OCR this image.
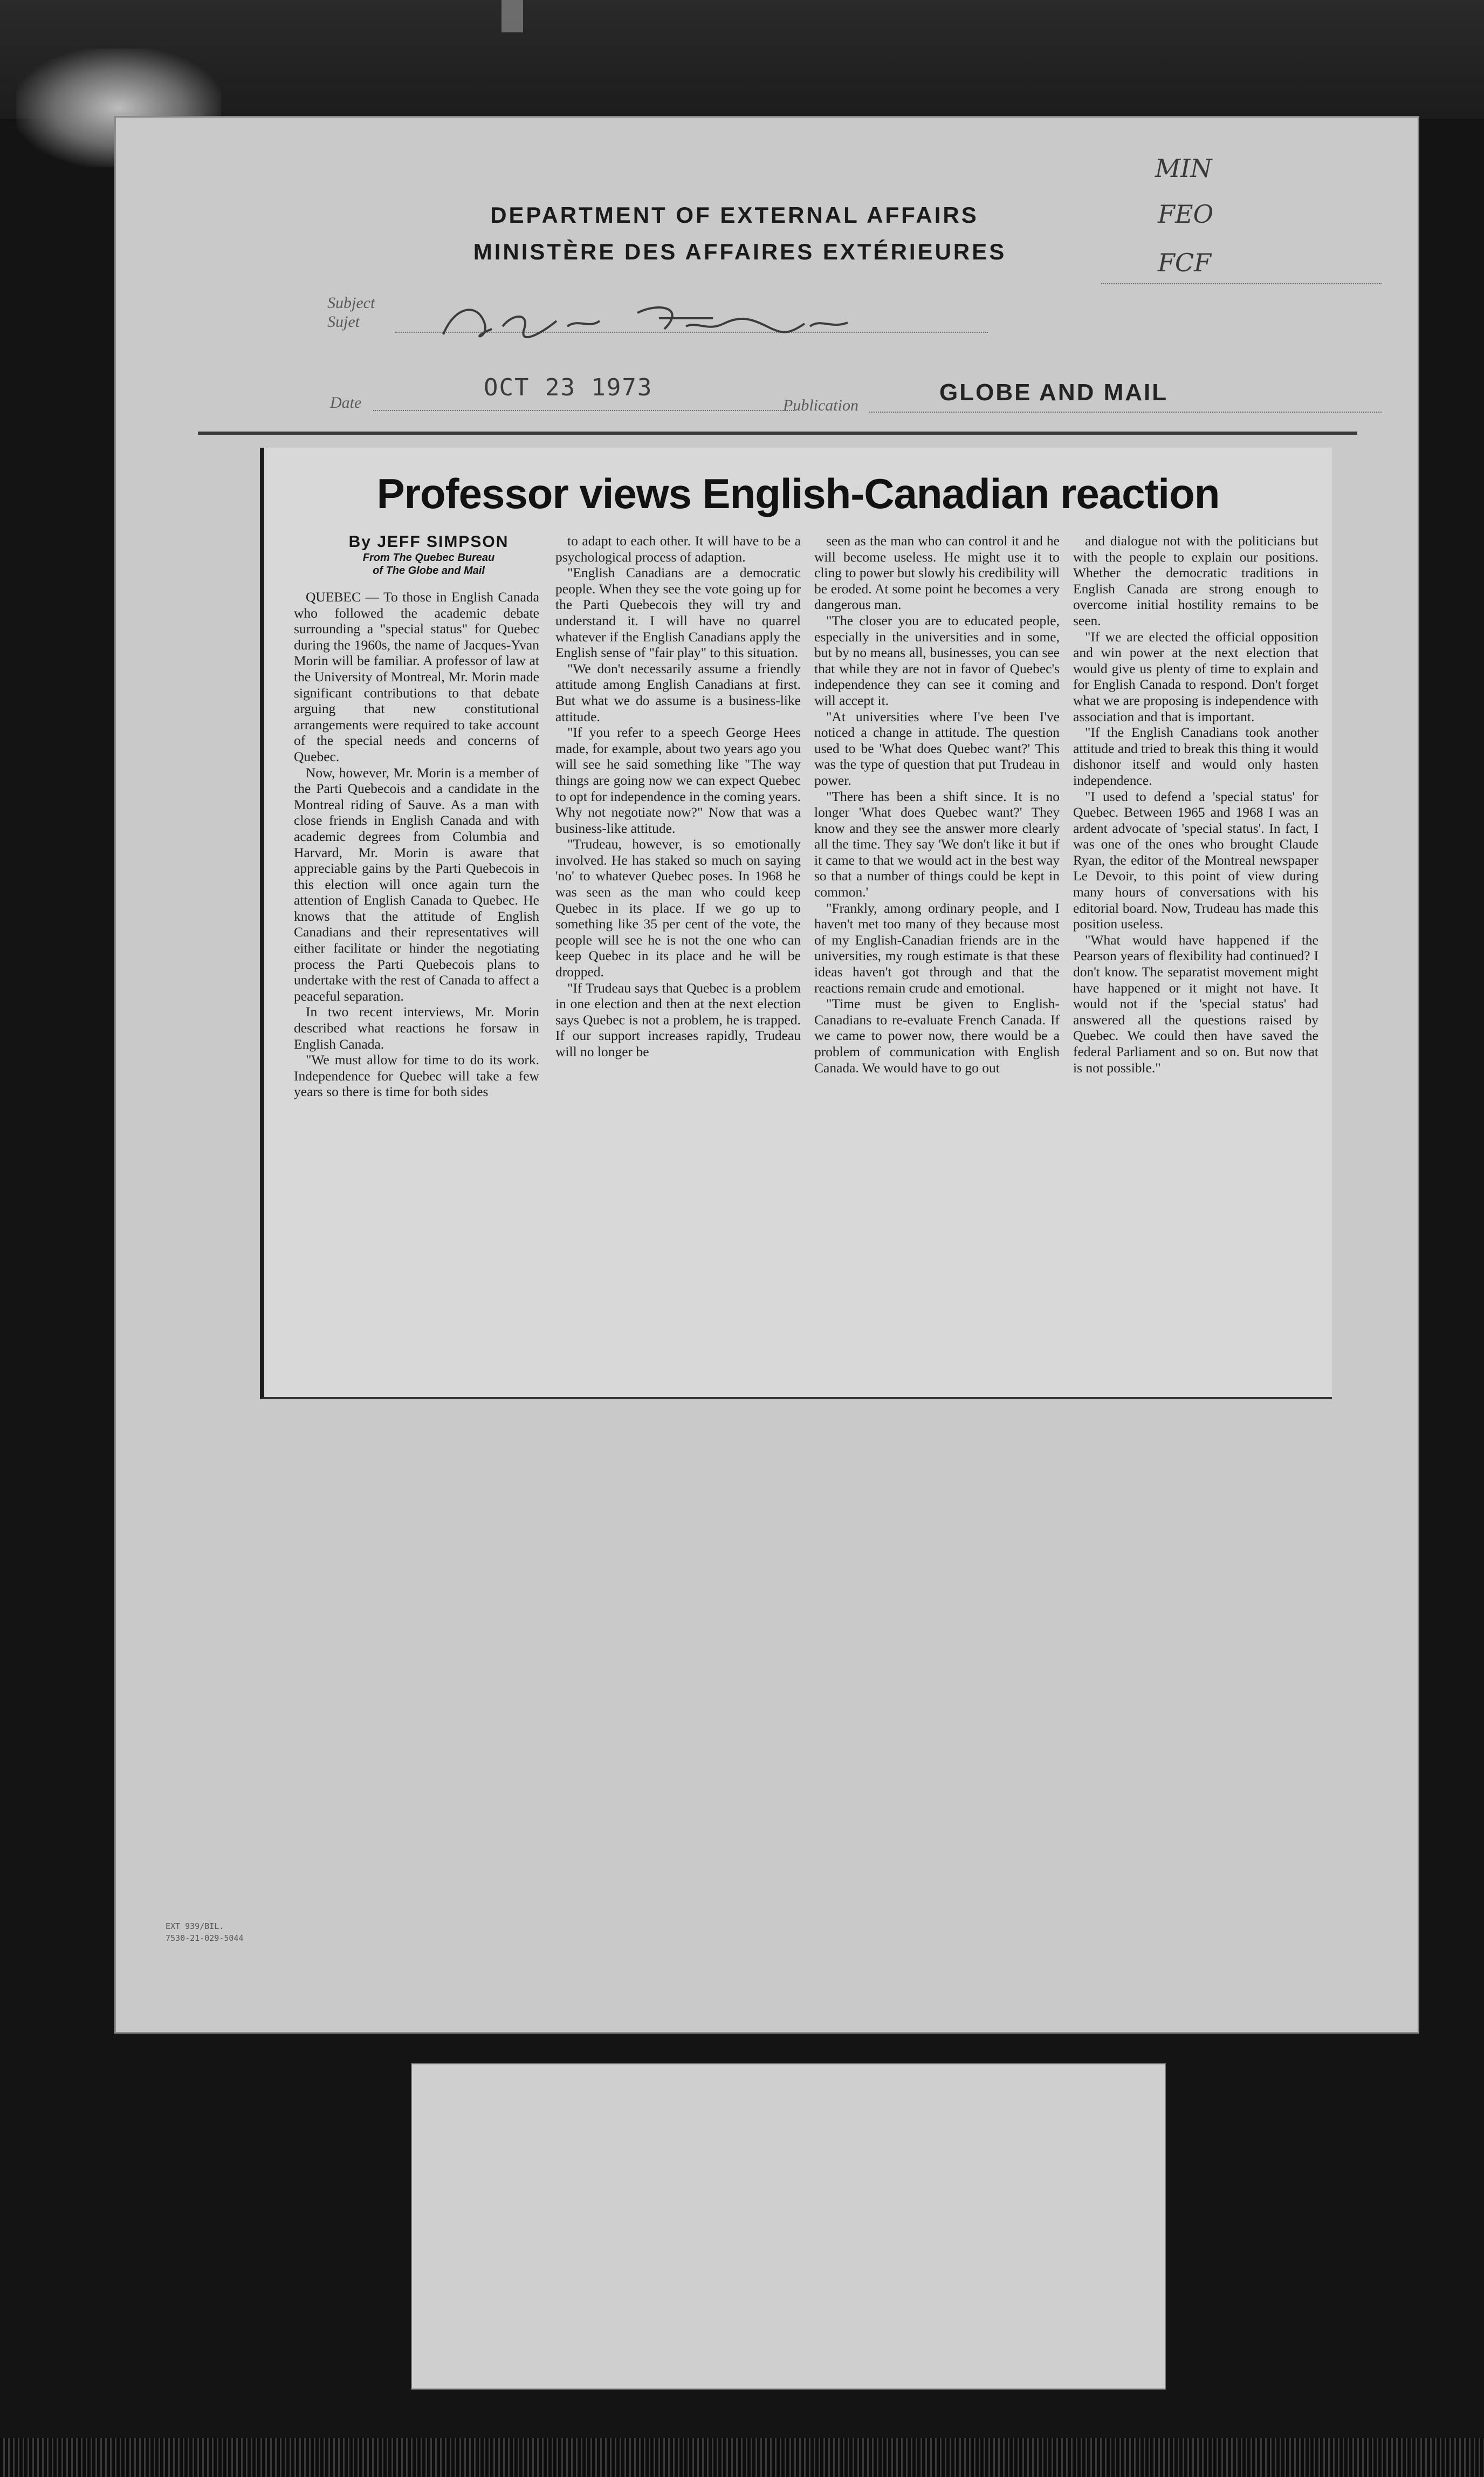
DEPARTMENT OF EXTERNAL AFFAIRS
MINISTÈRE DES AFFAIRES EXTÉRIEURES
MIN
FEO
FCF
Subject
Sujet
Date
OCT 23 1973
Publication	GLOBE AND MAIL
Professor views English-Canadian reaction
By JEFF SIMPSON
From The Quebec Bureau
of The Globe and Mail

QUEBEC — To those in English Canada who followed the academic debate surrounding a "special status" for Quebec during the 1960s, the name of Jacques-Yvan Morin will be familiar. A professor of law at the University of Montreal, Mr. Morin made significant contributions to that debate arguing that new constitutional arrangements were required to take account of the special needs and concerns of Quebec.

Now, however, Mr. Morin is a member of the Parti Quebecois and a candidate in the Montreal riding of Sauve. As a man with close friends in English Canada and with academic degrees from Columbia and Harvard, Mr. Morin is aware that appreciable gains by the Parti Quebecois in this election will once again turn the attention of English Canada to Quebec. He knows that the attitude of English Canadians and their representatives will either facilitate or hinder the negotiating process the Parti Quebecois plans to undertake with the rest of Canada to affect a peaceful separation.

In two recent interviews, Mr. Morin described what reactions he forsaw in English Canada.

"We must allow for time to do its work. Independence for Quebec will take a few years so there is time for both sides

to adapt to each other. It will have to be a psychological process of adaption.

"English Canadians are a democratic people. When they see the vote going up for the Parti Quebecois they will try and understand it. I will have no quarrel whatever if the English Canadians apply the English sense of "fair play" to this situation.

"We don't necessarily assume a friendly attitude among English Canadians at first. But what we do assume is a business-like attitude.

"If you refer to a speech George Hees made, for example, about two years ago you will see he said something like "The way things are going now we can expect Quebec to opt for independence in the coming years. Why not negotiate now?" Now that was a business-like attitude.

"Trudeau, however, is so emotionally involved. He has staked so much on saying 'no' to whatever Quebec poses. In 1968 he was seen as the man who could keep Quebec in its place. If we go up to something like 35 per cent of the vote, the people will see he is not the one who can keep Quebec in its place and he will be dropped.

"If Trudeau says that Quebec is a problem in one election and then at the next election says Quebec is not a problem, he is trapped. If our support increases rapidly, Trudeau will no longer be

seen as the man who can control it and he will become useless. He might use it to cling to power but slowly his credibility will be eroded. At some point he becomes a very dangerous man.

"The closer you are to educated people, especially in the universities and in some, but by no means all, businesses, you can see that while they are not in favor of Quebec's independence they can see it coming and will accept it.

"At universities where I've been I've noticed a change in attitude. The question used to be 'What does Quebec want?' This was the type of question that put Trudeau in power.

"There has been a shift since. It is no longer 'What does Quebec want?' They know and they see the answer more clearly all the time. They say 'We don't like it but if it came to that we would act in the best way so that a number of things could be kept in common.'

"Frankly, among ordinary people, and I haven't met too many of they because most of my English-Canadian friends are in the universities, my rough estimate is that these ideas haven't got through and that the reactions remain crude and emotional.

"Time must be given to English-Canadians to re-evaluate French Canada. If we came to power now, there would be a problem of communication with English Canada. We would have to go out

and dialogue not with the politicians but with the people to explain our positions. Whether the democratic traditions in English Canada are strong enough to overcome initial hostility remains to be seen.

"If we are elected the official opposition and win power at the next election that would give us plenty of time to explain and for English Canada to respond. Don't forget what we are proposing is independence with association and that is important.

"If the English Canadians took another attitude and tried to break this thing it would dishonor itself and would only hasten independence.

"I used to defend a 'special status' for Quebec. Between 1965 and 1968 I was an ardent advocate of 'special status'. In fact, I was one of the ones who brought Claude Ryan, the editor of the Montreal newspaper Le Devoir, to this point of view during many hours of conversations with his editorial board. Now, Trudeau has made this position useless.

"What would have happened if the Pearson years of flexibility had continued? I don't know. The separatist movement might have happened or it might not have. It would not if the 'special status' had answered all the questions raised by Quebec. We could then have saved the federal Parliament and so on. But now that is not possible."

EXT 939/BIL.
7530-21-029-5044
